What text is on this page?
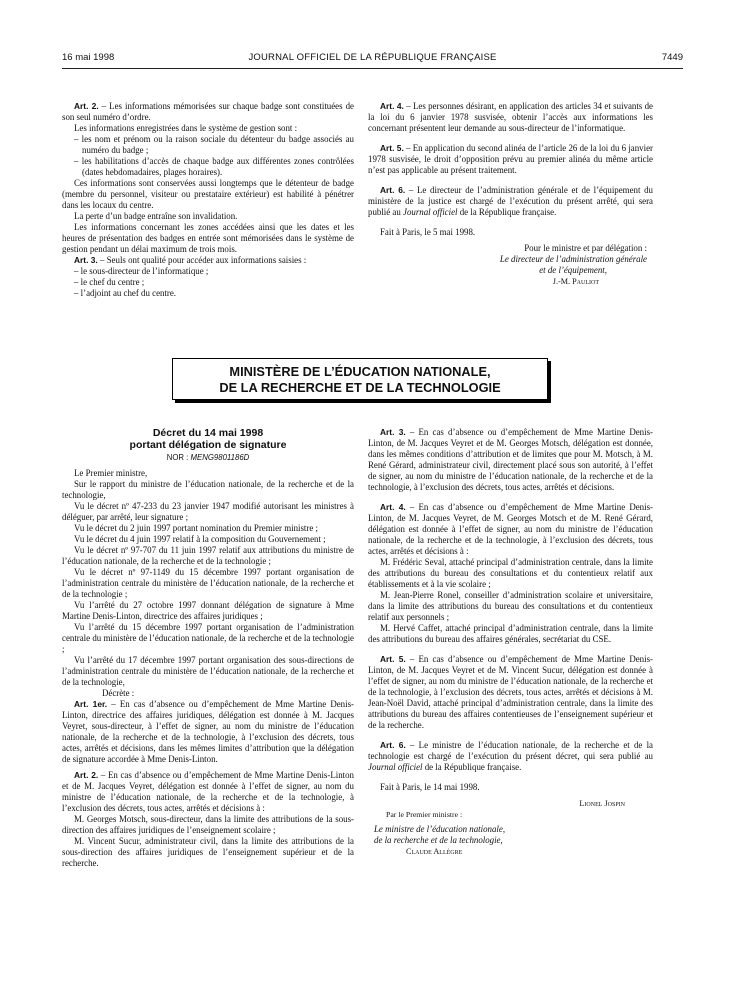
16 mai 1998	JOURNAL OFFICIEL DE LA RÉPUBLIQUE FRANÇAISE	7449

Art. 2. – Les informations mémorisées sur chaque badge sont constituées de son seul numéro d’ordre.

Les informations enregistrées dans le système de gestion sont :

– les nom et prénom ou la raison sociale du détenteur du badge associés au numéro du badge ;
– les habilitations d’accès de chaque badge aux différentes zones contrôlées (dates hebdomadaires, plages horaires).

Ces informations sont conservées aussi longtemps que le détenteur de badge (membre du personnel, visiteur ou prestataire extérieur) est habilité à pénétrer dans les locaux du centre.

La perte d’un badge entraîne son invalidation.

Les informations concernant les zones accédées ainsi que les dates et les heures de présentation des badges en entrée sont mémorisées dans le système de gestion pendant un délai maximum de trois mois.

Art. 3. – Seuls ont qualité pour accéder aux informations saisies :

– le sous-directeur de l’informatique ;
– le chef du centre ;
– l’adjoint au chef du centre.

Art. 4. – Les personnes désirant, en application des articles 34 et suivants de la loi du 6 janvier 1978 susvisée, obtenir l’accès aux informations les concernant présentent leur demande au sous-directeur de l’informatique.

Art. 5. – En application du second alinéa de l’article 26 de la loi du 6 janvier 1978 susvisée, le droit d’opposition prévu au premier alinéa du même article n’est pas applicable au présent traitement.

Art. 6. – Le directeur de l’administration générale et de l’équipement du ministère de la justice est chargé de l’exécution du présent arrêté, qui sera publié au Journal officiel de la République française.

Fait à Paris, le 5 mai 1998.

Pour le ministre et par délégation :
Le directeur de l’administration générale
et de l’équipement,
J.-M. Pauliot
MINISTÈRE DE L’ÉDUCATION NATIONALE,
DE LA RECHERCHE ET DE LA TECHNOLOGIE
Décret du 14 mai 1998
portant délégation de signature
NOR : MENG9801186D

Le Premier ministre,

Sur le rapport du ministre de l’éducation nationale, de la recherche et de la technologie,

Vu le décret nº 47-233 du 23 janvier 1947 modifié autorisant les ministres à déléguer, par arrêté, leur signature ;

Vu le décret du 2 juin 1997 portant nomination du Premier ministre ;

Vu le décret du 4 juin 1997 relatif à la composition du Gouvernement ;

Vu le décret nº 97-707 du 11 juin 1997 relatif aux attributions du ministre de l’éducation nationale, de la recherche et de la technologie ;

Vu le décret nº 97-1149 du 15 décembre 1997 portant organisation de l’administration centrale du ministère de l’éducation nationale, de la recherche et de la technologie ;

Vu l’arrêté du 27 octobre 1997 donnant délégation de signature à Mme Martine Denis-Linton, directrice des affaires juridiques ;

Vu l’arrêté du 15 décembre 1997 portant organisation de l’administration centrale du ministère de l’éducation nationale, de la recherche et de la technologie ;

Vu l’arrêté du 17 décembre 1997 portant organisation des sous-directions de l’administration centrale du ministère de l’éducation nationale, de la recherche et de la technologie,

Décrète :

Art. 1er. – En cas d’absence ou d’empêchement de Mme Martine Denis-Linton, directrice des affaires juridiques, délégation est donnée à M. Jacques Veyret, sous-directeur, à l’effet de signer, au nom du ministre de l’éducation nationale, de la recherche et de la technologie, à l’exclusion des décrets, tous actes, arrêtés et décisions, dans les mêmes limites d’attribution que la délégation de signature accordée à Mme Denis-Linton.

Art. 2. – En cas d’absence ou d’empêchement de Mme Martine Denis-Linton et de M. Jacques Veyret, délégation est donnée à l’effet de signer, au nom du ministre de l’éducation nationale, de la recherche et de la technologie, à l’exclusion des décrets, tous actes, arrêtés et décisions à :

M. Georges Motsch, sous-directeur, dans la limite des attributions de la sous-direction des affaires juridiques de l’enseignement scolaire ;

M. Vincent Sucur, administrateur civil, dans la limite des attributions de la sous-direction des affaires juridiques de l’enseignement supérieur et de la recherche.

Art. 3. – En cas d’absence ou d’empêchement de Mme Martine Denis-Linton, de M. Jacques Veyret et de M. Georges Motsch, délégation est donnée, dans les mêmes conditions d’attribution et de limites que pour M. Motsch, à M. René Gérard, administrateur civil, directement placé sous son autorité, à l’effet de signer, au nom du ministre de l’éducation nationale, de la recherche et de la technologie, à l’exclusion des décrets, tous actes, arrêtés et décisions.

Art. 4. – En cas d’absence ou d’empêchement de Mme Martine Denis-Linton, de M. Jacques Veyret, de M. Georges Motsch et de M. René Gérard, délégation est donnée à l’effet de signer, au nom du ministre de l’éducation nationale, de la recherche et de la technologie, à l’exclusion des décrets, tous actes, arrêtés et décisions à :

M. Frédéric Seval, attaché principal d’administration centrale, dans la limite des attributions du bureau des consultations et du contentieux relatif aux établissements et à la vie scolaire ;

M. Jean-Pierre Ronel, conseiller d’administration scolaire et universitaire, dans la limite des attributions du bureau des consultations et du contentieux relatif aux personnels ;

M. Hervé Caffet, attaché principal d’administration centrale, dans la limite des attributions du bureau des affaires générales, secrétariat du CSE.

Art. 5. – En cas d’absence ou d’empêchement de Mme Martine Denis-Linton, de M. Jacques Veyret et de M. Vincent Sucur, délégation est donnée à l’effet de signer, au nom du ministre de l’éducation nationale, de la recherche et de la technologie, à l’exclusion des décrets, tous actes, arrêtés et décisions à M. Jean-Noël David, attaché principal d’administration centrale, dans la limite des attributions du bureau des affaires contentieuses de l’enseignement supérieur et de la recherche.

Art. 6. – Le ministre de l’éducation nationale, de la recherche et de la technologie est chargé de l’exécution du présent décret, qui sera publié au Journal officiel de la République française.

Fait à Paris, le 14 mai 1998.

Lionel Jospin
Par le Premier ministre :
Le ministre de l’éducation nationale,
de la recherche et de la technologie,
Claude Allègre
